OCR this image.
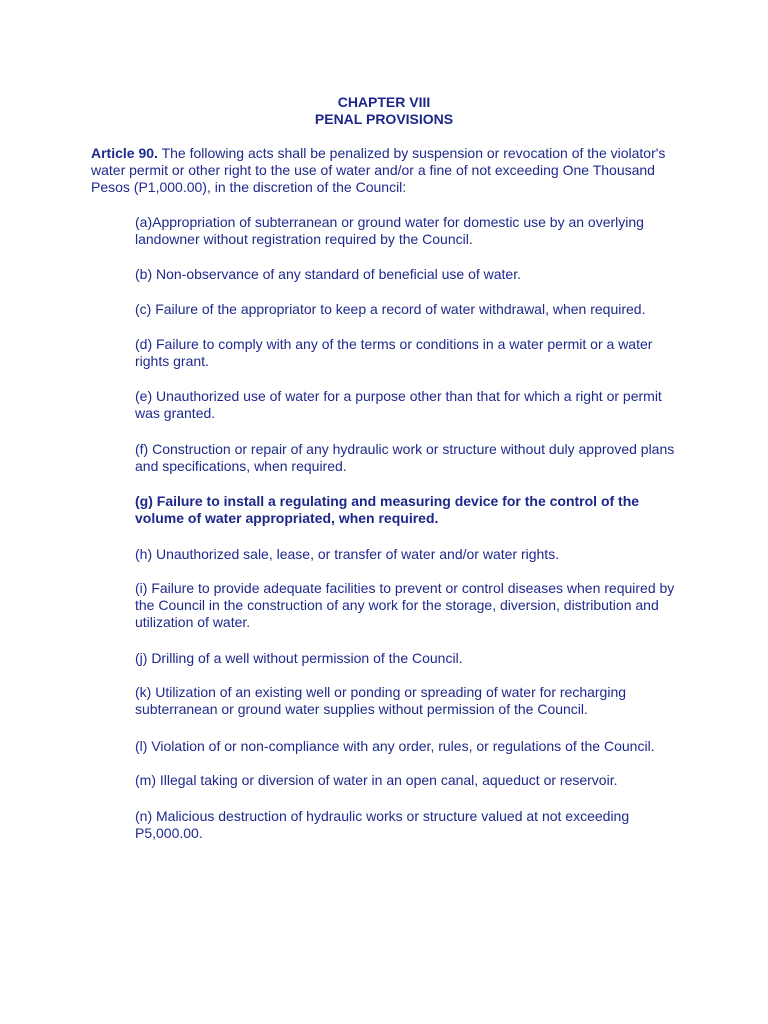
CHAPTER VIII
PENAL PROVISIONS
Article 90. The following acts shall be penalized by suspension or revocation of the violator's water permit or other right to the use of water and/or a fine of not exceeding One Thousand Pesos (P1,000.00), in the discretion of the Council:
(a)Appropriation of subterranean or ground water for domestic use by an overlying landowner without registration required by the Council.
(b) Non-observance of any standard of beneficial use of water.
(c) Failure of the appropriator to keep a record of water withdrawal, when required.
(d) Failure to comply with any of the terms or conditions in a water permit or a water rights grant.
(e) Unauthorized use of water for a purpose other than that for which a right or permit was granted.
(f) Construction or repair of any hydraulic work or structure without duly approved plans and specifications, when required.
(g) Failure to install a regulating and measuring device for the control of the volume of water appropriated, when required.
(h) Unauthorized sale, lease, or transfer of water and/or water rights.
(i) Failure to provide adequate facilities to prevent or control diseases when required by the Council in the construction of any work for the storage, diversion, distribution and utilization of water.
(j) Drilling of a well without permission of the Council.
(k) Utilization of an existing well or ponding or spreading of water for recharging subterranean or ground water supplies without permission of the Council.
(l) Violation of or non-compliance with any order, rules, or regulations of the Council.
(m) Illegal taking or diversion of water in an open canal, aqueduct or reservoir.
(n) Malicious destruction of hydraulic works or structure valued at not exceeding P5,000.00.
